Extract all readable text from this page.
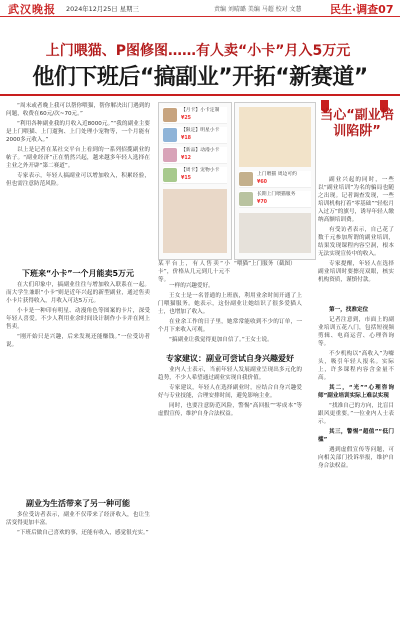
武汉晚报 2024年12月25日 星期三	责编 刘晴璐 美编 马超 校对 文慧	民生·调查07
上门喂猫、P图修图……有人卖“小卡”月入5万元
他们下班后“搞副业”开拓“新赛道”

“周末或者晚上我可以帮你喂猫，帮你解决出门遇到的问题，收费在60元/次~70元。”

“利用各种副业我的月收入近8000元。”“我的副业主要是上门喂猫、上门遛狗、上门处理小宠物等，一个月能有2000多元收入。”

以上是记者在某社交平台上看到的一系列招揽副业的帖子。“副业经济”正在悄然兴起，越来越多年轻人选择在主业之外开辟“第二赛道”。

专家表示，年轻人搞副业可以增加收入，积累经验，但也需注意防范风险。

下班来“小卡”一个月能卖5万元

在大们印象中，搞副业往往与增加收入联系在一起。而大学生兼职“小卡”则是近年兴起的新型副业，通过售卖小卡片获得收入，月收入可达5万元。

小卡是一种印有明星、动漫角色等图案的卡片，深受年轻人喜爱。不少人利用业余时间设计制作小卡并在网上售卖。

“刚开始只是兴趣，后来发现还能赚钱。”一位受访者说。

副业为生活带来了另一种可能

多位受访者表示，副业不仅带来了经济收入，也让生活变得更加丰富。

“下班后做自己喜欢的事，还能有收入，感觉很充实。”

【月卡】小卡定制
¥25
【限定】明星小卡
¥18
【新品】动漫小卡
¥12
【周卡】宠物小卡
¥15
某平台上，有人售卖“小卡”，价格从几元到几十元不等。
上门喂猫 周边可约
¥60
长期上门喂猫服务
¥70
“喂猫”上门服务（截图）

一样的兴趣爱好。

王女士是一名普通的上班族，利用业余时间开通了上门喂猫服务。她表示，这份副业让她结识了很多爱猫人士，也增加了收入。

在业余工作的日子里，她常常能收到不少的订单，一个月下来收入可观。

“搞副业让我觉得更加自信了。”王女士说。

专家建议：副业可尝试自身兴趣爱好

业内人士表示，当前年轻人发展副业呈现出多元化的趋势，不少人希望通过副业实现自我价值。

专家建议，年轻人在选择副业时，应结合自身兴趣爱好与专业技能，合理安排时间，避免影响主业。

同时，也要注意防范风险，警惕“高回报”“零成本”等虚假宣传，维护自身合法权益。

当心“副业培训陷阱”

副业兴起的同时，一些以“副业培训”为名的骗局也随之出现。记者调查发现，一些培训机构打着“零基础”“轻松月入过万”的旗号，诱导年轻人缴纳高额培训费。

有受访者表示，自己花了数千元参加所谓的副业培训，结果发现课程内容空洞，根本无法实现宣传中的收入。

专家提醒，年轻人在选择副业培训时要擦亮双眼，核实机构资质，谨慎付款。

第一，找准定位

记者注意到，市面上的副业培训五花八门，包括短视频剪辑、电商运营、心理咨询等。

不少机构以“高收入”为噱头，吸引年轻人报名。实际上，许多课程内容含金量不高。

其二，“光”“心理咨询师”副业培训实际上难以实现

“找准自己的方向，比盲目跟风更重要。”一位业内人士表示。

其三，警惕“超值”“低门槛”

遇到虚假宣传等问题，可向相关部门投诉举报，维护自身合法权益。
